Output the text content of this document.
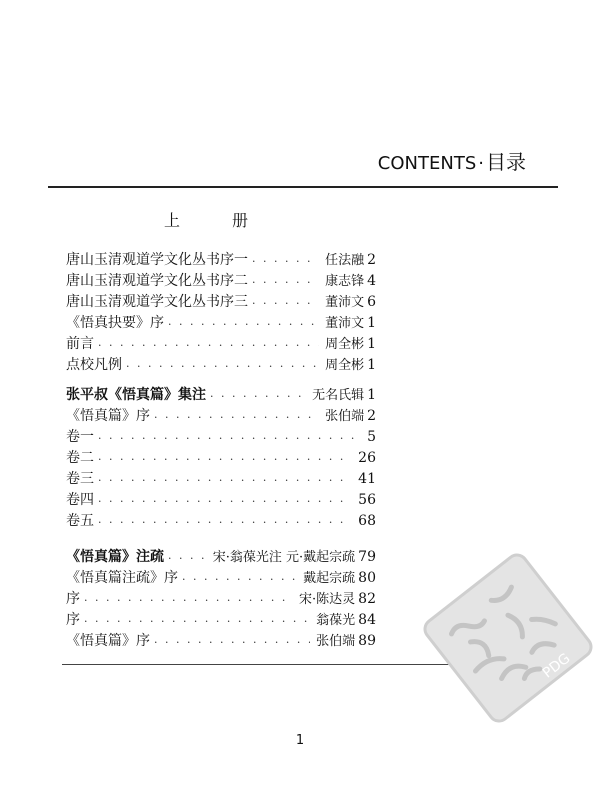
CONTENTS · 目录
上　册
唐山玉清观道学文化丛书序一 · · ·	任法融 2
唐山玉清观道学文化丛书序二 · · ·	康志锋 4
唐山玉清观道学文化丛书序三 · · ·	董沛文 6
《悟真抉要》序 · · ·	董沛文 1
前言 · · ·	周全彬 1
点校凡例 · · ·	周全彬 1
张平叔《悟真篇》集注 · · ·	无名氏辑 1
《悟真篇》序 · · ·	张伯端 2
卷一 · · ·	5
卷二 · · ·	26
卷三 · · ·	41
卷四 · · ·	56
卷五 · · ·	68
《悟真篇》注疏 · · ·	宋·翁葆光注 元·戴起宗疏 79
《悟真篇注疏》序 · · ·	戴起宗疏 80
序 · · ·	宋·陈达灵 82
序 · · ·	翁葆光 84
《悟真篇》序 · · ·	张伯端 89
PDG
1
